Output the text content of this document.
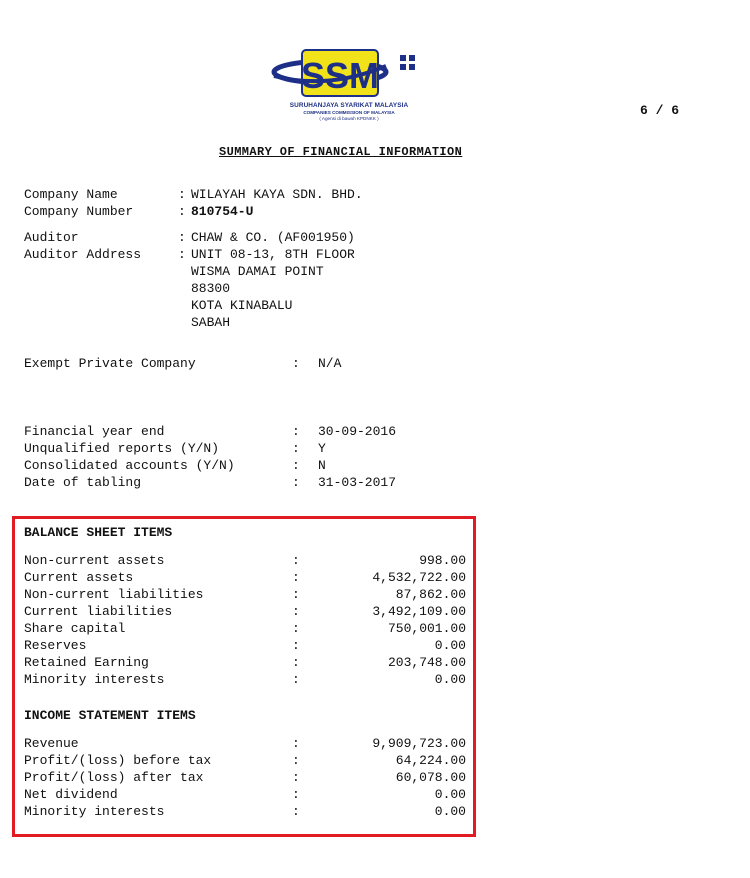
SSM
SURUHANJAYA SYARIKAT MALAYSIA
COMPANIES COMMISSION OF MALAYSIA
( Agensi di bawah KPDNKK )
6 / 6
SUMMARY OF FINANCIAL INFORMATION
Company Name	: WILAYAH KAYA SDN. BHD.
Company Number	: 810754-U
Auditor	: CHAW & CO. (AF001950)
Auditor Address	: UNIT 08-13, 8TH FLOOR
WISMA DAMAI POINT
88300
KOTA KINABALU
SABAH
Exempt Private Company	: N/A
Financial year end	: 30-09-2016
Unqualified reports (Y/N)	: Y
Consolidated accounts (Y/N)	: N
Date of tabling	: 31-03-2017
BALANCE SHEET ITEMS
Non-current assets	:	998.00
Current assets	:	4,532,722.00
Non-current liabilities	:	87,862.00
Current liabilities	:	3,492,109.00
Share capital	:	750,001.00
Reserves	:	0.00
Retained Earning	:	203,748.00
Minority interests	:	0.00
INCOME STATEMENT ITEMS
Revenue	:	9,909,723.00
Profit/(loss) before tax	:	64,224.00
Profit/(loss) after tax	:	60,078.00
Net dividend	:	0.00
Minority interests	:	0.00
